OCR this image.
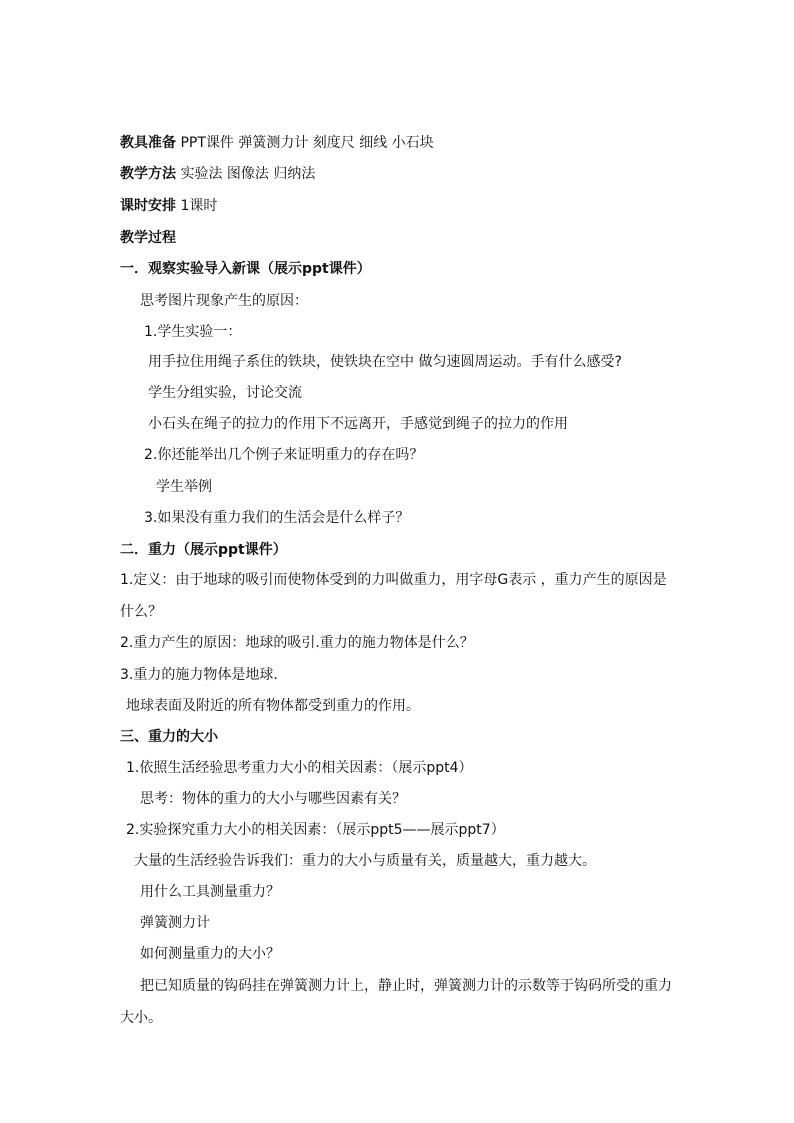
教具准备 PPT课件 弹簧测力计 刻度尺 细线 小石块
教学方法 实验法 图像法 归纳法
课时安排 1课时
教学过程
一．观察实验导入新课（展示ppt课件）
思考图片现象产生的原因：
1.学生实验一：
用手拉住用绳子系住的铁块，使铁块在空中 做匀速圆周运动。手有什么感受?
学生分组实验，讨论交流
小石头在绳子的拉力的作用下不远离开，手感觉到绳子的拉力的作用
2.你还能举出几个例子来证明重力的存在吗？
学生举例
3.如果没有重力我们的生活会是什么样子？
二．重力（展示ppt课件）
1.定义：由于地球的吸引而使物体受到的力叫做重力，用字母G表示 ，重力产生的原因是
什么？
2.重力产生的原因：地球的吸引.重力的施力物体是什么？
3.重力的施力物体是地球.
地球表面及附近的所有物体都受到重力的作用。
三、重力的大小
1.依照生活经验思考重力大小的相关因素：（展示ppt4）
思考：物体的重力的大小与哪些因素有关？
2.实验探究重力大小的相关因素：（展示ppt5——展示ppt7）
大量的生活经验告诉我们：重力的大小与质量有关，质量越大，重力越大。
用什么工具测量重力？
弹簧测力计
如何测量重力的大小？
把已知质量的钩码挂在弹簧测力计上，静止时，弹簧测力计的示数等于钩码所受的重力
大小。
